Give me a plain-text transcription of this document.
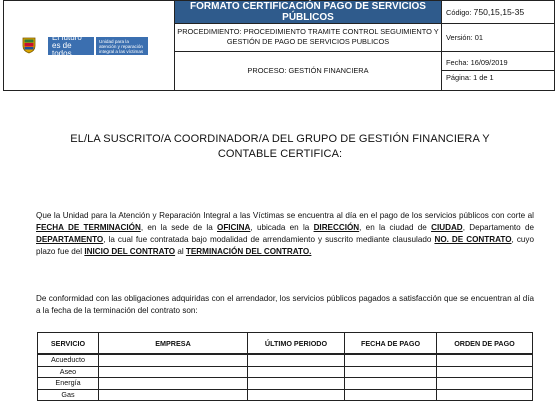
El futuro
es de todos
Unidad para la atención y reparación integral a las víctimas	FORMATO CERTIFICACIÓN PAGO DE SERVICIOS PÚBLICOS	Código: 750,15,15-35
	PROCEDIMIENTO: PROCEDIMIENTO TRAMITE CONTROL SEGUIMIENTO Y GESTIÓN DE PAGO DE SERVICIOS PUBLICOS	Versión: 01

	PROCESO: GESTIÓN FINANCIERA	Fecha: 16/09/2019
Página: 1 de 1
EL/LA SUSCRITO/A COORDINADOR/A DEL GRUPO DE GESTIÓN FINANCIERA Y
CONTABLE CERTIFICA:
Que la Unidad para la Atención y Reparación Integral a las Víctimas se encuentra al día en el pago de los servicios públicos con corte al FECHA DE TERMINACIÓN, en la sede de la OFICINA, ubicada en la DIRECCIÓN, en la ciudad de CIUDAD, Departamento de DEPARTAMENTO, la cual fue contratada bajo modalidad de arrendamiento y suscrito mediante clausulado NO. DE CONTRATO, cuyo plazo fue del INICIO DEL CONTRATO al TERMINACIÓN DEL CONTRATO.
De conformidad con las obligaciones adquiridas con el arrendador, los servicios públicos pagados a satisfacción que se encuentran al día a la fecha de la terminación del contrato son:
SERVICIO	EMPRESA	ÚLTIMO PERIODO	FECHA DE PAGO	ORDEN DE PAGO
Acueducto				
Aseo				
Energía				
Gas				
